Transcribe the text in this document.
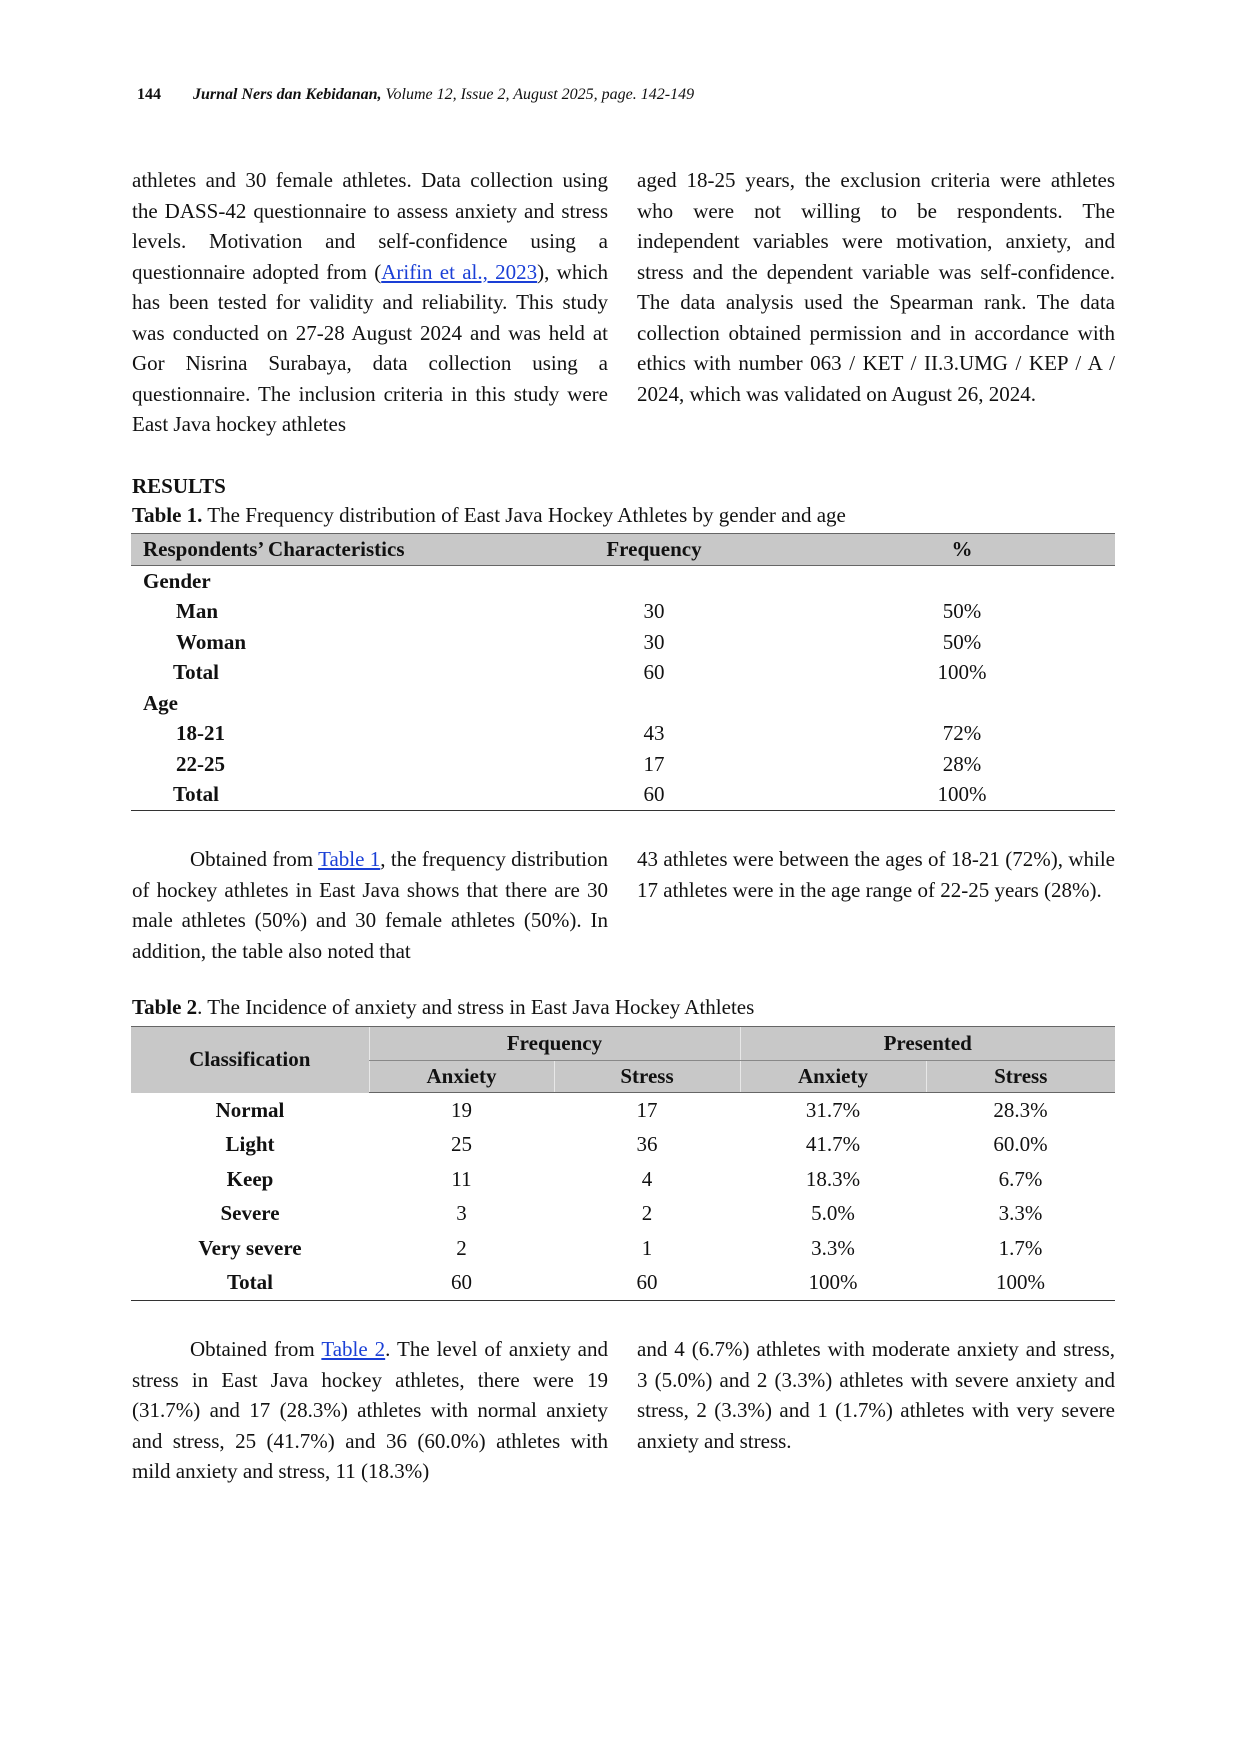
144 Jurnal Ners dan Kebidanan, Volume 12, Issue 2, August 2025, page. 142-149

athletes and 30 female athletes. Data collection using the DASS-42 questionnaire to assess anxiety and stress levels. Motivation and self-confidence using a questionnaire adopted from (Arifin et al., 2023), which has been tested for validity and reliability. This study was conducted on 27-28 August 2024 and was held at Gor Nisrina Surabaya, data collection using a questionnaire. The inclusion criteria in this study were East Java hockey athletes

aged 18-25 years, the exclusion criteria were athletes who were not willing to be respondents. The independent variables were motivation, anxiety, and stress and the dependent variable was self-confidence. The data analysis used the Spearman rank. The data collection obtained permission and in accordance with ethics with number 063 / KET / II.3.UMG / KEP / A / 2024, which was validated on August 26, 2024.

RESULTS
Table 1. The Frequency distribution of East Java Hockey Athletes by gender and age
Respondents’ Characteristics	Frequency	%
Gender		
Man	30	50%
Woman	30	50%
Total	60	100%
Age		
18-21	43	72%
22-25	17	28%
Total	60	100%

Obtained from Table 1, the frequency distribution of hockey athletes in East Java shows that there are 30 male athletes (50%) and 30 female athletes (50%). In addition, the table also noted that

43 athletes were between the ages of 18-21 (72%), while 17 athletes were in the age range of 22-25 years (28%).

Table 2. The Incidence of anxiety and stress in East Java Hockey Athletes
Classification	Frequency		Presented	
	Anxiety	Stress	Anxiety	Stress
Normal	19	17	31.7%	28.3%
Light	25	36	41.7%	60.0%
Keep	11	4	18.3%	6.7%
Severe	3	2	5.0%	3.3%
Very severe	2	1	3.3%	1.7%
Total	60	60	100%	100%

Obtained from Table 2. The level of anxiety and stress in East Java hockey athletes, there were 19 (31.7%) and 17 (28.3%) athletes with normal anxiety and stress, 25 (41.7%) and 36 (60.0%) athletes with mild anxiety and stress, 11 (18.3%)

and 4 (6.7%) athletes with moderate anxiety and stress, 3 (5.0%) and 2 (3.3%) athletes with severe anxiety and stress, 2 (3.3%) and 1 (1.7%) athletes with very severe anxiety and stress.
